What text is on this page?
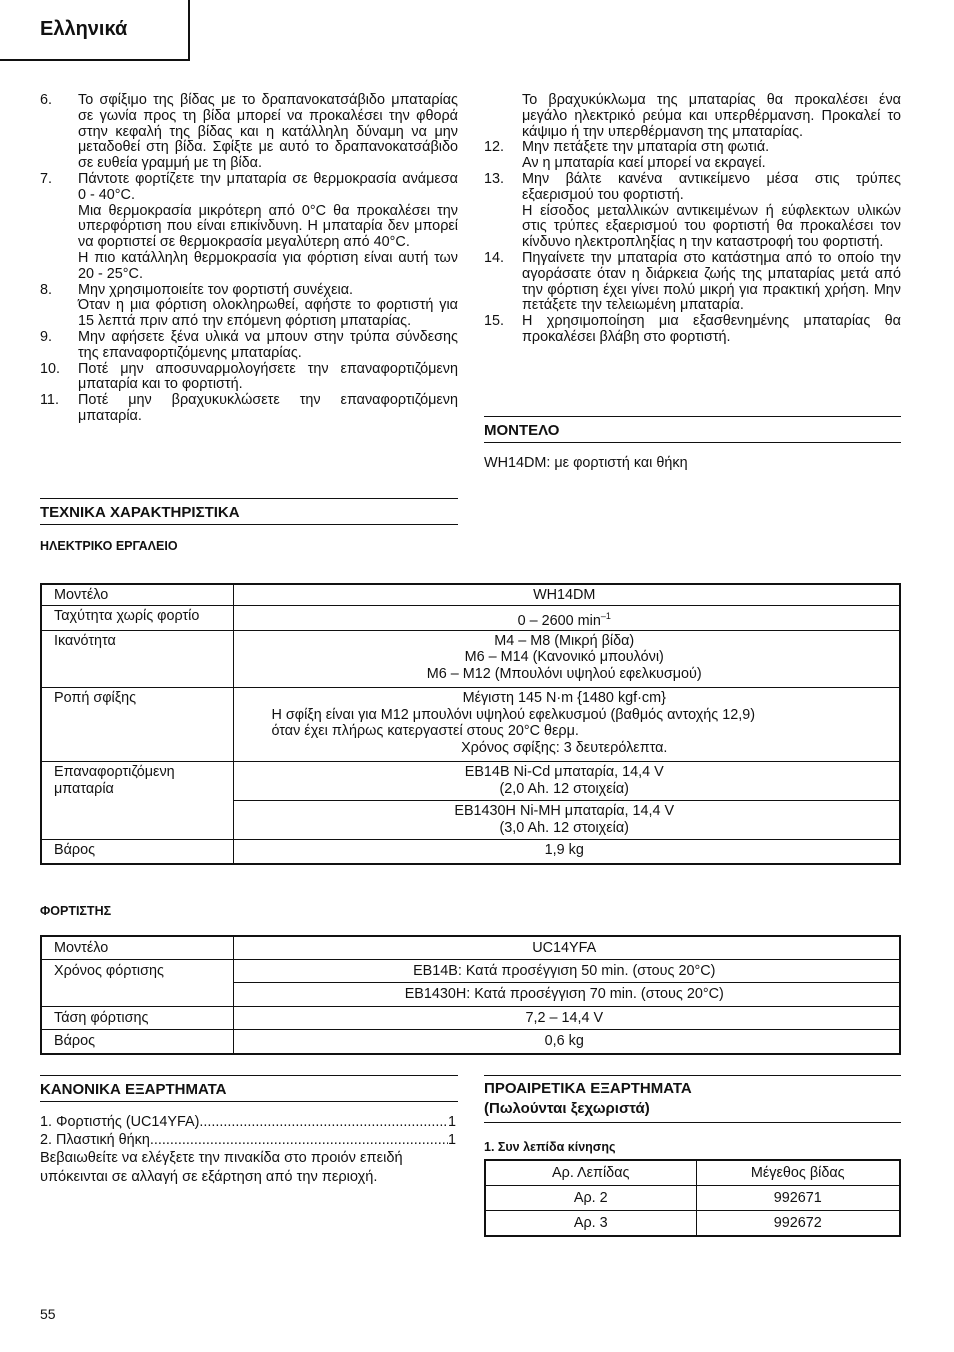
Ελληνικά
6.	Το σφίξιμο της βίδας με το δραπανοκατσάβιδο μπαταρίας σε γωνία προς τη βίδα μπορεί να προκαλέσει την φθορά στην κεφαλή της βίδας και η κατάλληλη δύναμη να μην μεταδοθεί στη βίδα. Σφίξτε με αυτό το δραπανοκατσάβιδο σε ευθεία γραμμή με τη βίδα.
7.	Πάντοτε φορτίζετε την μπαταρία σε θερμοκρασία ανάμεσα 0 - 40°C.
Μια θερμοκρασία μικρότερη από 0°C θα προκαλέσει την υπερφόρτιση που είναι επικίνδυνη. Η μπαταρία δεν μπορεί να φορτιστεί σε θερμοκρασία μεγαλύτερη από 40°C.
Η πιο κατάλληλη θερμοκρασία για φόρτιση είναι αυτή των 20 - 25°C.
8.	Μην χρησιμοποιείτε τον φορτιστή συνέχεια.
Όταν η μια φόρτιση ολοκληρωθεί, αφήστε το φορτιστή για 15 λεπτά πριν από την επόμενη φόρτιση μπαταρίας.
9.	Μην αφήσετε ξένα υλικά να μπουν στην τρύπα σύνδεσης της επαναφορτιζόμενης μπαταρίας.
10.	Ποτέ μην αποσυναρμολογήσετε την επαναφορτιζόμενη μπαταρία και το φορτιστή.
11.	Ποτέ μην βραχυκυκλώσετε την επαναφορτιζόμενη μπαταρία.
Το βραχυκύκλωμα της μπαταρίας θα προκαλέσει ένα μεγάλο ηλεκτρικό ρεύμα και υπερθέρμανση. Προκαλεί το κάψιμο ή την υπερθέρμανση της μπαταρίας.
12.	Μην πετάξετε την μπαταρία στη φωτιά.
Αν η μπαταρία καεί μπορεί να εκραγεί.
13.	Μην βάλτε κανένα αντικείμενο μέσα στις τρύπες εξαερισμού του φορτιστή.
Η είσοδος μεταλλικών αντικειμένων ή εύφλεκτων υλικών στις τρύπες εξαερισμού του φορτιστή θα προκαλέσει τον κίνδυνο ηλεκτροπληξίας η την καταστροφή του φορτιστή.
14.	Πηγαίνετε την μπαταρία στο κατάστημα από το οποίο την αγοράσατε όταν η διάρκεια ζωής της μπαταρίας μετά από την φόρτιση έχει γίνει πολύ μικρή για πρακτική χρήση. Μην πετάξετε την τελειωμένη μπαταρία.
15.	Η χρησιμοποίηση μια εξασθενημένης μπαταρίας θα προκαλέσει βλάβη στο φορτιστή.
ΜΟΝΤΕΛΟ
WH14DM: με φορτιστή και θήκη
ΤΕΧΝΙΚΑ ΧΑΡΑΚΤΗΡΙΣΤΙΚΑ
ΗΛΕΚΤΡΙΚΟ ΕΡΓΑΛΕΙΟ
Μοντέλο	WH14DM
Ταχύτητα χωρίς φορτίο	0 – 2600 $\min^{-1}$
Ικανότητα	M4 – M8 (Μικρή βίδα)
M6 – M14 (Κανονικό μπουλόνι)
M6 – M12 (Μπουλόνι υψηλού εφελκυσμού)

Ροπή σφίξης	Μέγιστη 145 N·m {1480 kgf·cm}
Η σφίξη είναι για M12 μπουλόνι υψηλού εφελκυσμού (βαθμός αντοχής 12,9)
όταν έχει πλήρως κατεργαστεί στους 20°C θερμ.
Χρόνος σφίξης: 3 δευτερόλεπτα.

Επαναφορτιζόμενη μπαταρία	EB14B Ni-Cd μπαταρία, 14,4 V
(2,0 Ah. 12 στοιχεία)

	EB1430H Ni-MH μπαταρία, 14,4 V
(3,0 Ah. 12 στοιχεία)

Βάρος	1,9 kg
ΦΟΡΤΙΣΤΗΣ
Μοντέλο	UC14YFA
Χρόνος φόρτισης	EB14B: Κατά προσέγγιση 50 min. (στους 20°C)
	EB1430H: Κατά προσέγγιση 70 min. (στους 20°C)
Τάση φόρτισης	7,2 – 14,4 V
Βάρος	0,6 kg
ΚΑΝΟΝΙΚΑ ΕΞΑΡΤΗΜΑΤΑ
1. Φορτιστής (UC14YFA) .....	1
2. Πλαστική θήκη .....	1
Βεβαιωθείτε να ελέγξετε την πινακίδα στο προιόν επειδή υπόκεινται σε αλλαγή σε εξάρτηση από την περιοχή.
ΠΡΟΑΙΡΕΤΙΚΑ ΕΞΑΡΤΗΜΑΤΑ
(Πωλούνται ξεχωριστά)
1. Συν λεπίδα κίνησης
Αρ. Λεπίδας	Μέγεθος βίδας
Αρ. 2	992671
Αρ. 3	992672
55
